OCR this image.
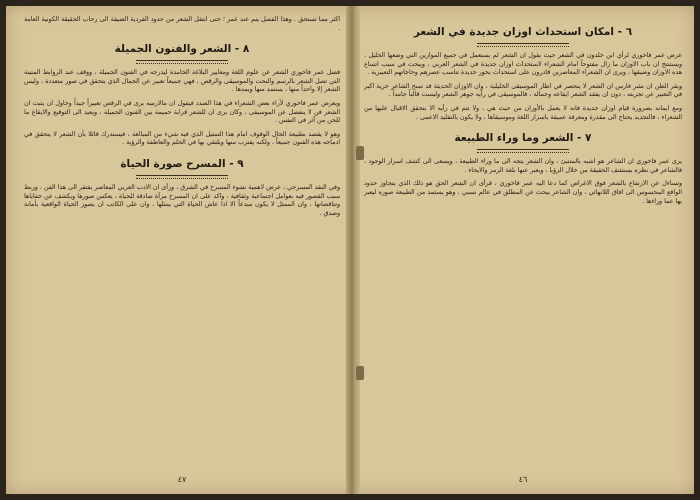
اكثر مما تستحق . وهذا الفصل ينم عند عمر ؛ حتى انتقل الشعر من حدود الفردية الضيقة الى رحاب الحقيقة الكونية العامة .

٨ - الشعر والفنون الجميلة

فضل عمر فاخوري الشعر عن علوم اللغة ومعايير البلاغة الجامدة ليدرجه في الفنون الجميلة ، ووقف عند الروابط المتينة التي تصل الشعر بالرسم والنحت والموسيقى والرقص ، فهي جميعاً تعبير عن الجمال الذي يتحقق في صور متعددة ، وليس الشعر إلا واحداً منها ، يستمد منها ويمدها .

ويعرض عمر فاخوري لآراء بعض الشعراء في هذا الصدد فيقول ان مالارميه يرى في الرقص تعبيراً جيداً وحاول ان يثبت ان الشعر فن لا ينفصل عن الموسيقى ، وكان يرى ان للشعر قرابة حميمة بين الفنون الجميلة ، ويعيد الى التوقيع والايقاع ما للحن من أثر في النفس .

وهو لا يقصد بطبيعة الحال الوقوف امام هذا التمثيل الذي فيه شيء من المبالغة ، فيستدرك قائلا بأن الشعر لا يتحقق في ادماجه هذه الفنون جميعاً ، ولكنه يقترب منها ويلتقي بها في الحلم والعاطفة والرؤية .

٩ - المسرح صورة الحياة

وفي النقد المسرحي ، عرض لاهمية نشوء المسرح في الشرق ، ورأى ان الادب العربي المعاصر يفتقر الى هذا الفن ، وربط سبب القصور فيه بعوامل اجتماعية وثقافية ، واكد على ان المسرح مرآة صادقة للحياة ، يعكس صورها ويكشف عن خفاياها وتناقضاتها ، وان الممثل لا يكون مبدعاً الا اذا عاش الحياة التي يمثلها ، وان على الكاتب ان يصور الحياة الواقعية بأمانة وصدق .

٤٧
٦ - امكان استحداث اوزان جديدة في الشعر

عرض عمر فاخوري لرأي ابن خلدون في الشعر حيث يقول ان الشعر لم يستعمل في جميع الموازين التي وضعها الخليل ، ويستنتج ان باب الاوزان ما زال مفتوحاً امام الشعراء لاستحداث اوزان جديدة في الشعر العربي ، ويبحث في سبب اتساع هذه الاوزان وضيقها ، ويرى ان الشعراء المعاصرين قادرون على استحداث بحور جديدة تناسب عصرهم وحاجاتهم التعبيرية .

ويقر الظن ان نشر فارس ان الشعر لا ينحصر في اطار الموسيقى الخليلية ، وان الاوزان الحديثة قد تمنح الشاعر حرية اكبر في التعبير عن تجربته ، دون ان يفقد الشعر ايقاعه وجماله ، فالموسيقى في رأيه جوهر الشعر وليست قالباً جامداً .

ومع ايمانه بضرورة قيام اوزان جديدة فانه لا يعمل بالأوزان من حيث هي ، ولا تتم في رأيه الا بتحقق الاقبال عليها من الشعراء ، فالتجديد يحتاج الى مقدرة ومعرفة عميقة باسرار اللغة وموسيقاها ، ولا يكون بالتقليد الاعمى .

٧ - الشعر وما وراء الطبيعة

يرى عمر فاخوري ان الشاعر هو اشبه بالمتنبئ ، وان الشعر يتجه الى ما وراء الطبيعة ، ويسعى الى كشف اسرار الوجود ، فالشاعر في نظره يستشف الحقيقة من خلال الرؤيا ، ويعبر عنها بلغة الرمز والايحاء .

وتساءل عن الارتفاع بالشعر فوق الاغراض كما دعا اليه عمر فاخوري ، فرأى ان الشعر الحق هو ذلك الذي يتجاوز حدود الواقع المحسوس الى افاق اللانهائي ، وان الشاعر يبحث عن المطلق في عالم نسبي ، وهو يستمد من الطبيعة صوره ليعبر بها عما وراءها .

٤٦
